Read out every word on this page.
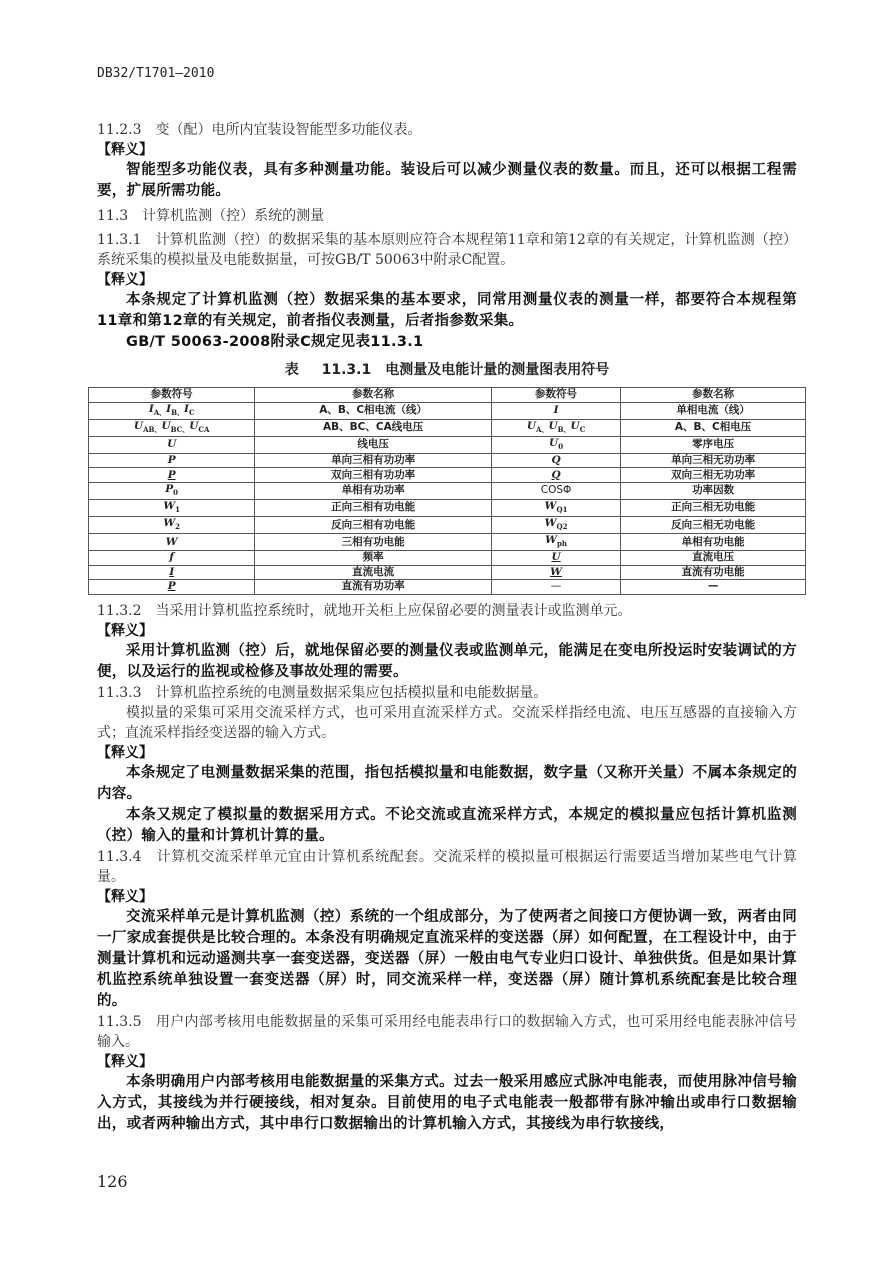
DB32/T1701—2010
11.2.3　变（配）电所内宜装设智能型多功能仪表。
【释义】
智能型多功能仪表，具有多种测量功能。装设后可以减少测量仪表的数量。而且，还可以根据工程需要，扩展所需功能。
11.3　计算机监测（控）系统的测量
11.3.1　计算机监测（控）的数据采集的基本原则应符合本规程第11章和第12章的有关规定，计算机监测（控）系统采集的模拟量及电能数据量，可按GB/T 50063中附录C配置。
【释义】
本条规定了计算机监测（控）数据采集的基本要求，同常用测量仪表的测量一样，都要符合本规程第11章和第12章的有关规定，前者指仪表测量，后者指参数采集。
GB/T 50063-2008附录C规定见表11.3.1
表 11.3.1　电测量及电能计量的测量图表用符号
参数符号	参数名称	参数符号	参数名称
$I_{A、}I_{B、}I_C$	A、B、C相电流（线）	I	单相电流（线）
$U_{AB、}U_{BC、}U_{CA}$	AB、BC、CA线电压	$U_{A、}U_{B、}U_C$	A、B、C相电压
U	线电压	$U_0$	零序电压
P	单向三相有功功率	Q	单向三相无功功率
P	双向三相有功功率	Q	双向三相无功功率
$P_0$	单相有功功率	COSΦ	功率因数
$W_1$	正向三相有功电能	$W_{Q1}$	正向三相无功电能
$W_2$	反向三相有功电能	$W_{Q2}$	反向三相无功电能
W	三相有功电能	$W_{ph}$	单相有功电能
f	频率	U	直流电压
I	直流电流	W	直流有功电能
P	直流有功功率	—	—
11.3.2　当采用计算机监控系统时，就地开关柜上应保留必要的测量表计或监测单元。
【释义】
采用计算机监测（控）后，就地保留必要的测量仪表或监测单元，能满足在变电所投运时安装调试的方便，以及运行的监视或检修及事故处理的需要。
11.3.3　计算机监控系统的电测量数据采集应包括模拟量和电能数据量。
模拟量的采集可采用交流采样方式，也可采用直流采样方式。交流采样指经电流、电压互感器的直接输入方式；直流采样指经变送器的输入方式。
【释义】
本条规定了电测量数据采集的范围，指包括模拟量和电能数据，数字量（又称开关量）不属本条规定的内容。
本条又规定了模拟量的数据采用方式。不论交流或直流采样方式，本规定的模拟量应包括计算机监测（控）输入的量和计算机计算的量。
11.3.4　计算机交流采样单元宜由计算机系统配套。交流采样的模拟量可根据运行需要适当增加某些电气计算量。
【释义】
交流采样单元是计算机监测（控）系统的一个组成部分，为了使两者之间接口方便协调一致，两者由同一厂家成套提供是比较合理的。本条没有明确规定直流采样的变送器（屏）如何配置，在工程设计中，由于测量计算机和远动遥测共享一套变送器，变送器（屏）一般由电气专业归口设计、单独供货。但是如果计算机监控系统单独设置一套变送器（屏）时，同交流采样一样，变送器（屏）随计算机系统配套是比较合理的。
11.3.5　用户内部考核用电能数据量的采集可采用经电能表串行口的数据输入方式，也可采用经电能表脉冲信号输入。
【释义】
本条明确用户内部考核用电能数据量的采集方式。过去一般采用感应式脉冲电能表，而使用脉冲信号输入方式，其接线为并行硬接线，相对复杂。目前使用的电子式电能表一般都带有脉冲输出或串行口数据输出，或者两种输出方式，其中串行口数据输出的计算机输入方式，其接线为串行软接线，
126
